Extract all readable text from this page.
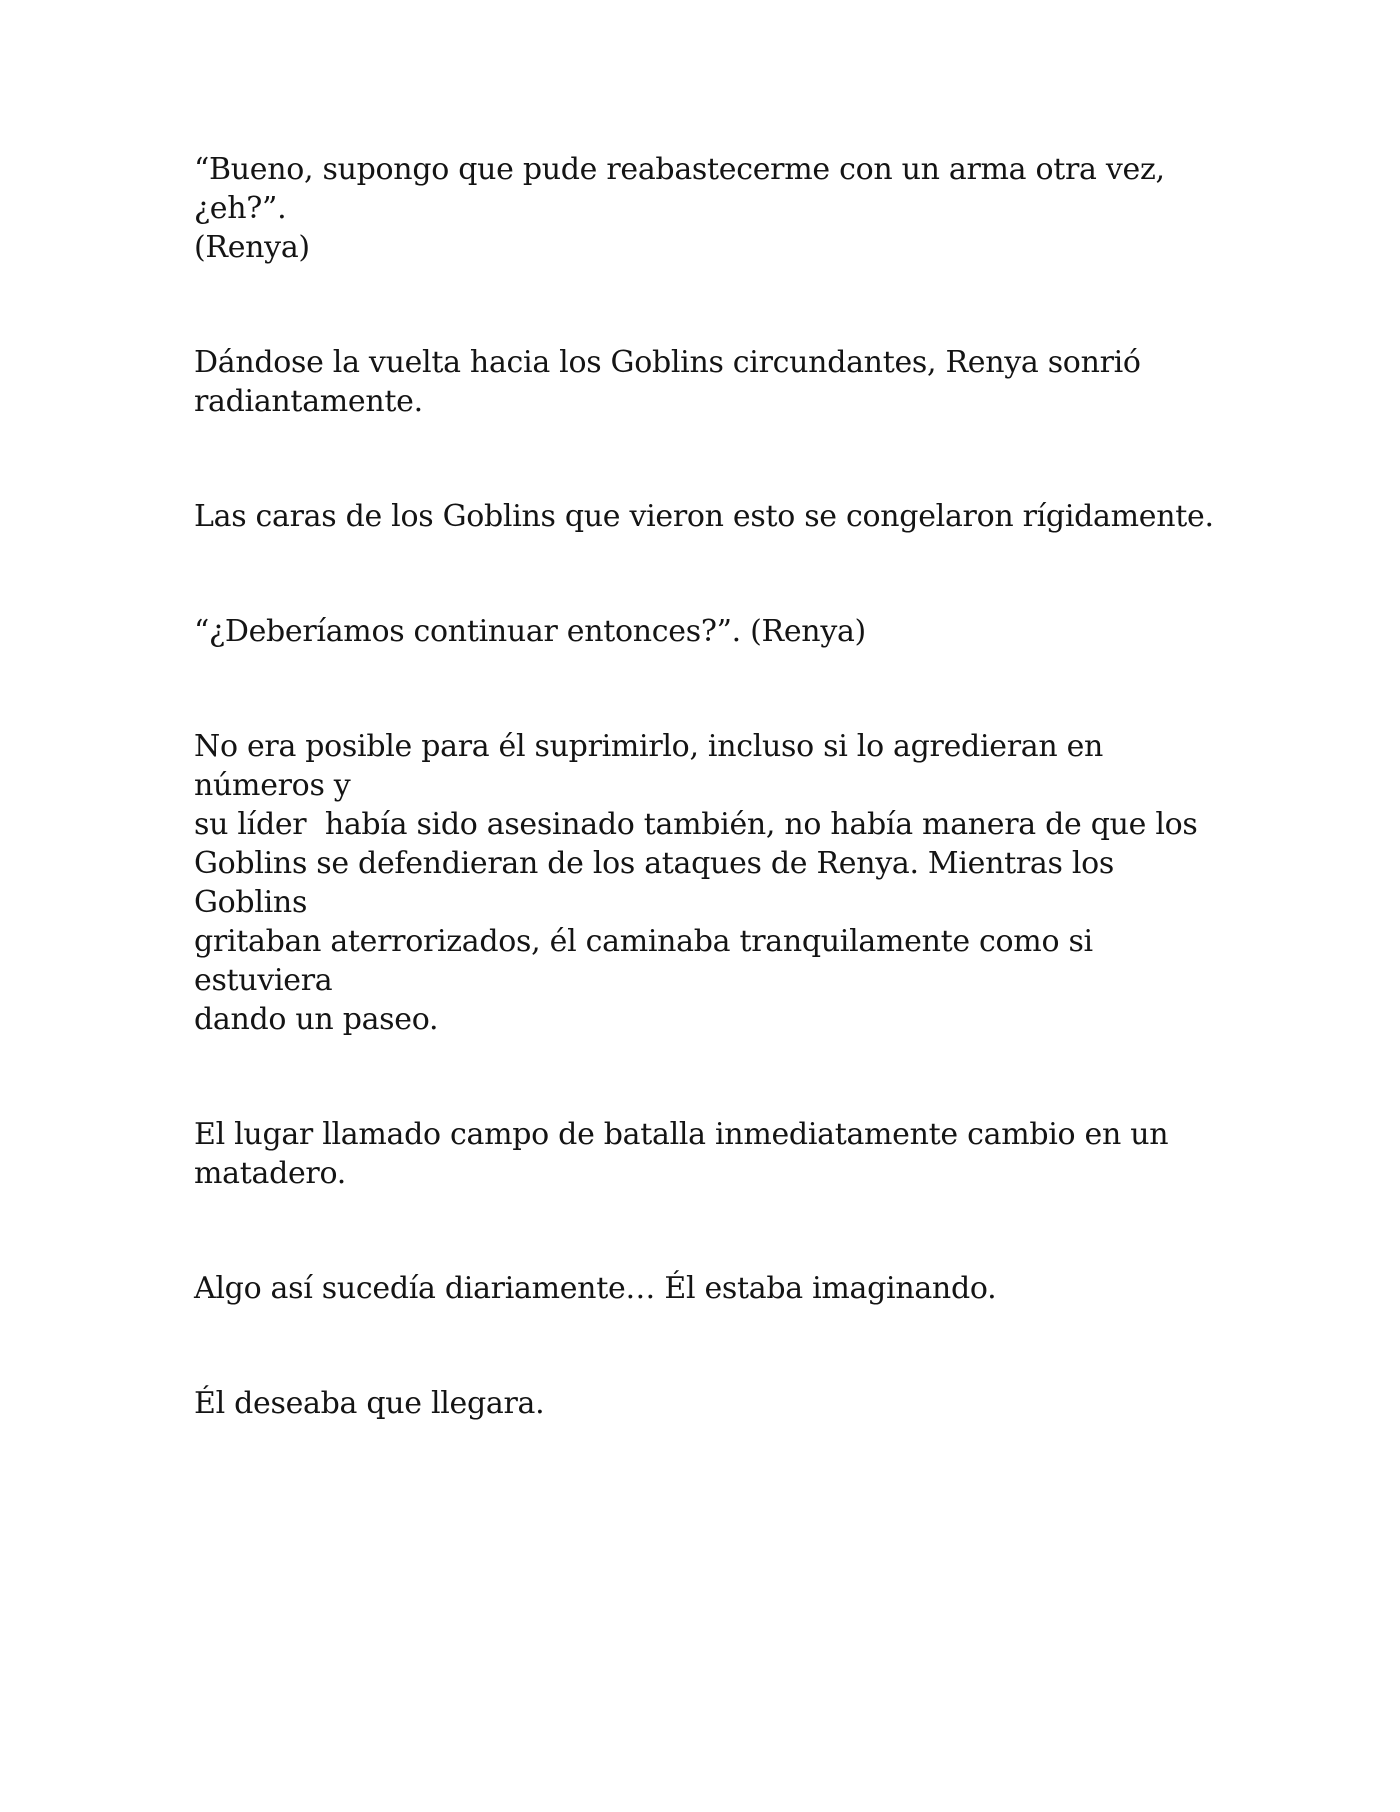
“Bueno, supongo que pude reabastecerme con un arma otra vez, ¿eh?”.
(Renya)

Dándose la vuelta hacia los Goblins circundantes, Renya sonrió
radiantamente.

Las caras de los Goblins que vieron esto se congelaron rígidamente.

“¿Deberíamos continuar entonces?”. (Renya)

No era posible para él suprimirlo, incluso si lo agredieran en números y
su líder  había sido asesinado también, no había manera de que los
Goblins se defendieran de los ataques de Renya. Mientras los Goblins
gritaban aterrorizados, él caminaba tranquilamente como si estuviera
dando un paseo.

El lugar llamado campo de batalla inmediatamente cambio en un
matadero.

Algo así sucedía diariamente… Él estaba imaginando.

Él deseaba que llegara.
